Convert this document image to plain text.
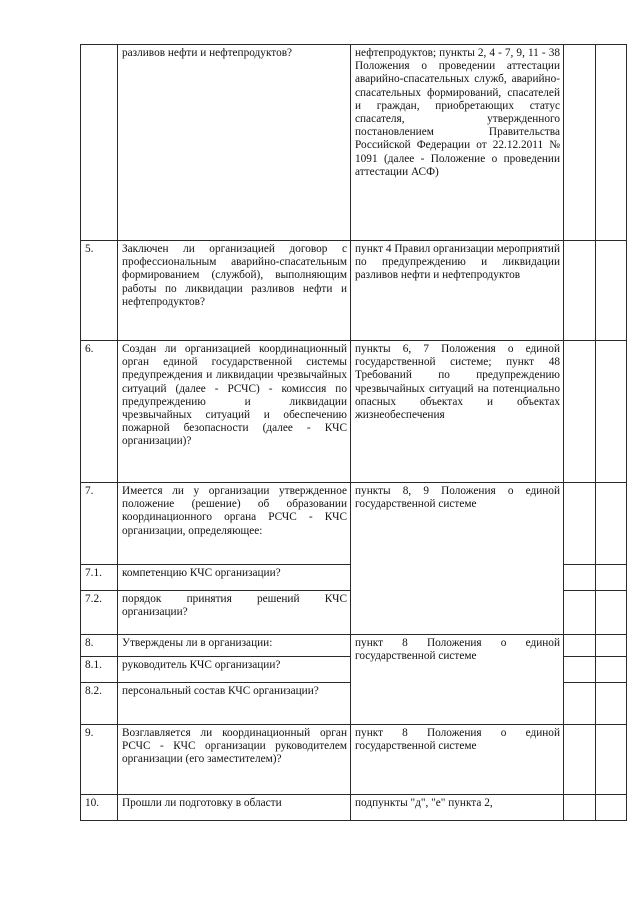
	разливов нефти и нефтепродуктов?	нефтепродуктов; пункты 2, 4 - 7, 9, 11 - 38 Положения о проведении аттестации аварийно-спасательных служб, аварийно-спасательных формирований, спасателей и граждан, приобретающих статус спасателя, утвержденного постановлением Правительства Российской Федерации от 22.12.2011 № 1091 (далее - Положение о проведении аттестации АСФ)		
5.	Заключен ли организацией договор с профессиональным аварийно-спасательным формированием (службой), выполняющим работы по ликвидации разливов нефти и нефтепродуктов?	пункт 4 Правил организации мероприятий по предупреждению и ликвидации разливов нефти и нефтепродуктов		
6.	Создан ли организацией координационный орган единой государственной системы предупреждения и ликвидации чрезвычайных ситуаций (далее - РСЧС) - комиссия по предупреждению и ликвидации чрезвычайных ситуаций и обеспечению пожарной безопасности (далее - КЧС организации)?	пункты 6, 7 Положения о единой государственной системе; пункт 48 Требований по предупреждению чрезвычайных ситуаций на потенциально опасных объектах и объектах жизнеобеспечения		
7.	Имеется ли у организации утвержденное положение (решение) об образовании координационного органа РСЧС - КЧС организации, определяющее:	пункты 8, 9 Положения о единой государственной системе		
7.1.	компетенцию КЧС организации?			
7.2.	порядок принятия решений КЧС организации?			
8.	Утверждены ли в организации:	пункт 8 Положения о единой государственной системе		
8.1.	руководитель КЧС организации?			
8.2.	персональный состав КЧС организации?			
9.	Возглавляется ли координационный орган РСЧС - КЧС организации руководителем организации (его заместителем)?	пункт 8 Положения о единой государственной системе		
10.	Прошли ли подготовку в области	подпункты "д", "е" пункта 2,		
